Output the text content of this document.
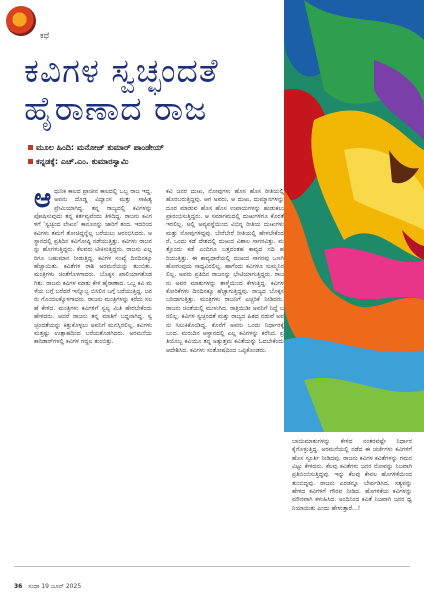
ಕಥೆ
ಕವಿಗಳ ಸ್ವಚ್ಛಂದತೆ
ಹೈರಾಣಾದ ರಾಜ
ಮೂಲ ಹಿಂದಿ: ಮನೋಜ್ ಕುಮಾರ್ ಪಾಂಡೇಯ್
ಕನ್ನಡಕ್ಕೆ: ಎಚ್.ಎಂ. ಕುಮಾರಸ್ವಾಮಿ
ಆಧುನಿಕ ಕಾಲದ ಪ್ರಾಚೀನ ಕಾಲದಲ್ಲಿ ಒಬ್ಬ ರಾಜ ಇದ್ದ. ಅವನು ದೊಡ್ಡ ವಿದ್ವಾಂಸ ಮತ್ತು ಸಾಹಿತ್ಯ ಪ್ರೇಮಿಯಾಗಿದ್ದ. ತನ್ನ ರಾಜ್ಯದಲ್ಲಿ ಕವಿಗಳನ್ನು ಪೋಷಿಸುವುದು ತನ್ನ ಕರ್ತವ್ಯವೆಂದು ತಿಳಿದಿದ್ದ. ರಾಜನು ಕವಿಗಳಿಗೆ ‘ಸ್ವಚ್ಛಂದ ಲೇಖನ’ ಕಾನೂನನ್ನು ಜಾರಿಗೆ ತಂದ. ಇದರಿಂದ ಕವಿಗಳು ತಮಗೆ ತೋಚಿದ್ದನ್ನೆಲ್ಲ ಬರೆಯಲು ಆರಂಭಿಸಿದರು. ಆಸ್ಥಾನದಲ್ಲಿ ಪ್ರತಿದಿನ ಕವಿಗೋಷ್ಠಿ ನಡೆಯುತ್ತಿತ್ತು. ಕವಿಗಳು ರಾಜನನ್ನು ಹೊಗಳುತ್ತಿದ್ದರು. ಕೆಲವರು ಟೀಕಿಸುತ್ತಿದ್ದರು. ರಾಜನು ಎಲ್ಲರಿಗೂ ಬಹುಮಾನ ನೀಡುತ್ತಿದ್ದ. ಕವಿಗಳ ಸಂಖ್ಯೆ ದಿನದಿನಕ್ಕೂ ಹೆಚ್ಚಾಯಿತು. ಕವಿತೆಗಳ ರಾಶಿ ಅರಮನೆಯನ್ನು ತುಂಬಿತು. ಮಂತ್ರಿಗಳು ಚಿಂತೆಗೊಳಗಾದರು. ಬೊಕ್ಕಸ ಖಾಲಿಯಾಗತೊಡಗಿತು. ರಾಜನು ಕವಿಗಳ ಮಾತು ಕೇಳಿ ಹೈರಾಣಾದ. ಒಬ್ಬ ಕವಿ ಮಳೆಯ ಬಗ್ಗೆ ಬರೆದರೆ ಇನ್ನೊಬ್ಬ ಬಿಸಿಲಿನ ಬಗ್ಗೆ ಬರೆಯುತ್ತಿದ್ದ. ಜನರು ಗೊಂದಲಕ್ಕೊಳಗಾದರು. ರಾಜನು ಮಂತ್ರಿಗಳನ್ನು ಕರೆದು ಸಲಹೆ ಕೇಳಿದ. ಮಂತ್ರಿಗಳು ಕವಿಗಳಿಗೆ ಸ್ವಲ್ಪ ಮಿತಿ ಹೇರಬೇಕೆಂದು ಹೇಳಿದರು. ಆದರೆ ರಾಜನು ತನ್ನ ಮಾತಿಗೆ ಬದ್ಧನಾಗಿದ್ದ. ಸ್ವಚ್ಛಂದತೆಯನ್ನು ಕಿತ್ತುಕೊಳ್ಳಲು ಅವನಿಗೆ ಮನಸ್ಸಿರಲಿಲ್ಲ. ಕವಿಗಳು ಮತ್ತಷ್ಟು ಉತ್ಸಾಹದಿಂದ ಬರೆಯತೊಡಗಿದರು. ಅರಮನೆಯ ಕಾರಿಡಾರ್‌ಗಳಲ್ಲಿ ಕವಿಗಳ ಗದ್ದಲ ತುಂಬಿತ್ತು.
ಕವಿ ಜನರ ದುಃಖ, ನೋವುಗಳು ಹೊಸ ಹೊಸ ರೀತಿಯಲ್ಲಿ ಹೊರಬರುತ್ತಿದ್ದವು. ಆಗ ಅವರು, ಆ ದುಃಖ, ದುಮ್ಮಾನಗಳನ್ನು ದೂರ ಮಾಡುವ ಹೊಸ ಹೊಸ ಉಪಾಯಗಳನ್ನು ಹುಡುಕಲು ಪ್ರಾರಂಭಿಸುತ್ತಿದ್ದರು. ಆ ಸಮಾಗಮದಲ್ಲಿ ದುಃಖಗಳಿಗೂ ಕೊರತೆ ಇರಲಿಲ್ಲ. ಅಲ್ಲಿ ಅವ್ಯವಸ್ಥೆಯಿಂದ ವಿಭಿನ್ನ ರೀತಿಯ ದುಃಖಗಳು ಮತ್ತು ನೋವುಗಳಿದ್ದವು. ಬೇರೆಬೇರೆ ರೀತಿಯಲ್ಲಿ ಹೇಳಬೇಕೆಂದರೆ, ಒಂದು ಕಡೆ ದೇಶದಲ್ಲಿ ದುಃಖದ ವಿಶಾಲ ಸಾಗರವಿತ್ತು. ಮತ್ತೊಂದು ಕಡೆ ಎಂದಿಗೂ ಬತ್ತದಂತಹ ಕಾವ್ಯದ ನದಿ ಹರಿಯುತ್ತಿತ್ತು. ಈ ಕಾವ್ಯಧಾರೆಯಲ್ಲಿ ದುಃಖದ ಸಾಗರವು ಒಣಗಿ ಹೋಗುವುದು ಸಾಧ್ಯವಿರಲಿಲ್ಲ. ಹಾಗೆಂದು ಕವಿಗಳೂ ಸುಮ್ಮನಿರಲಿಲ್ಲ. ಅವರು ಪ್ರತಿದಿನ ರಾಜನನ್ನು ಭೇಟಿಯಾಗುತ್ತಿದ್ದರು. ರಾಜನು ಅವರ ಮಾತುಗಳನ್ನು ತಾಳ್ಮೆಯಿಂದ ಕೇಳುತ್ತಿದ್ದ. ಕವಿಗಳ ಕೋರಿಕೆಗಳು ದಿನದಿನಕ್ಕೂ ಹೆಚ್ಚಾಗುತ್ತಿದ್ದವು. ರಾಜ್ಯದ ಬೊಕ್ಕಸ ಬರಿದಾಗುತ್ತಿತ್ತು. ಮಂತ್ರಿಗಳು ರಾಜನಿಗೆ ಎಚ್ಚರಿಕೆ ನೀಡಿದರು. ರಾಜನು ಚಿಂತೆಯಲ್ಲಿ ಮುಳುಗಿದ. ರಾತ್ರಿಯಿಡೀ ಅವನಿಗೆ ನಿದ್ದೆ ಬರಲಿಲ್ಲ. ಕವಿಗಳ ಸ್ವಚ್ಛಂದತೆ ಮತ್ತು ರಾಜ್ಯದ ಹಿತದ ನಡುವೆ ಅವನು ಸಿಲುಕಿಕೊಂಡಿದ್ದ. ಕೊನೆಗೆ ಅವನು ಒಂದು ನಿರ್ಧಾರಕ್ಕೆ ಬಂದ. ಮರುದಿನ ಆಸ್ಥಾನದಲ್ಲಿ ಎಲ್ಲ ಕವಿಗಳನ್ನು ಕರೆಸಿದ. ಪ್ರತಿಯೊಬ್ಬ ಕವಿಯೂ ತನ್ನ ಅತ್ಯುತ್ತಮ ಕವಿತೆಯನ್ನು ಓದಬೇಕೆಂದು ಆದೇಶಿಸಿದ. ಕವಿಗಳು ಸಂತೋಷದಿಂದ ಒಪ್ಪಿಕೊಂಡರು.
ಬಾಯಿಮಾತುಗಳನ್ನು ಕೇಳಿದ ನಂತರವಷ್ಟೇ ನಿರ್ಧಾರ ಕೈಗೊಳ್ಳುತ್ತಿದ್ದ. ಅರಮನೆಯಲ್ಲಿ ನಡೆದ ಈ ಚರ್ಚೆಗಳು ಕವಿಗಳಿಗೆ ಹೊಸ ಸ್ಫೂರ್ತಿ ನೀಡಿದವು. ರಾಜನು ಕವಿಗಳ ಕವಿತೆಗಳನ್ನು ಗಮನವಿಟ್ಟು ಕೇಳಿದನು. ಕೆಲವು ಕವಿತೆಗಳು ಜನರ ನೋವನ್ನು ನಿಜವಾಗಿ ಪ್ರತಿಬಿಂಬಿಸುತ್ತಿದ್ದವು. ಇನ್ನು ಕೆಲವು ಕೇವಲ ಹೊಗಳಿಕೆಯಿಂದ ತುಂಬಿದ್ದವು. ರಾಜನು ಎರಡನ್ನೂ ಬೇರ್ಪಡಿಸಿದ. ಸತ್ಯವನ್ನು ಹೇಳಿದ ಕವಿಗಳಿಗೆ ಗೌರವ ನೀಡಿದ. ಹೊಗಳಿಕೆಯ ಕವಿಗಳನ್ನು ಮೌನವಾಗಿ ಕಳುಹಿಸಿದ. ಅಂದಿನಿಂದ ಕವಿತೆ ನಿಜವಾಗಿ ಜನರ ಧ್ವನಿಯಾಯಿತು ಎಂದು ಹೇಳುತ್ತಾರೆ...!
36 ಸುಧಾ 19 ಜೂನ್ 2025
